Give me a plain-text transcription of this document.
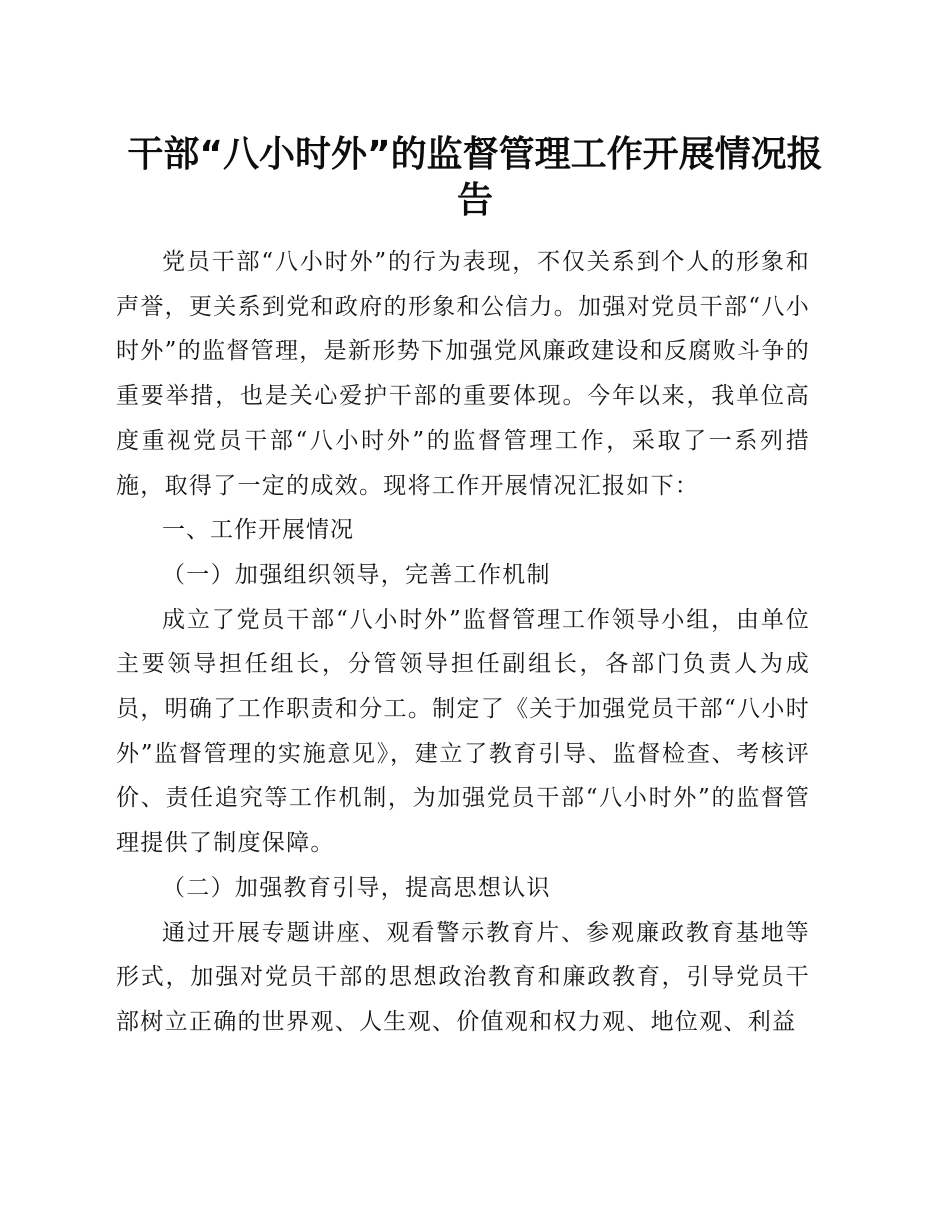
干部“八小时外”的监督管理工作开展情况报告

党员干部“八小时外”的行为表现，不仅关系到个人的形象和声誉，更关系到党和政府的形象和公信力。加强对党员干部“八小时外”的监督管理，是新形势下加强党风廉政建设和反腐败斗争的重要举措，也是关心爱护干部的重要体现。今年以来，我单位高度重视党员干部“八小时外”的监督管理工作，采取了一系列措施，取得了一定的成效。现将工作开展情况汇报如下：

一、工作开展情况

（一）加强组织领导，完善工作机制

成立了党员干部“八小时外”监督管理工作领导小组，由单位主要领导担任组长，分管领导担任副组长，各部门负责人为成员，明确了工作职责和分工。制定了《关于加强党员干部“八小时外”监督管理的实施意见》，建立了教育引导、监督检查、考核评价、责任追究等工作机制，为加强党员干部“八小时外”的监督管理提供了制度保障。

（二）加强教育引导，提高思想认识

通过开展专题讲座、观看警示教育片、参观廉政教育基地等形式，加强对党员干部的思想政治教育和廉政教育，引导党员干部树立正确的世界观、人生观、价值观和权力观、地位观、利益
